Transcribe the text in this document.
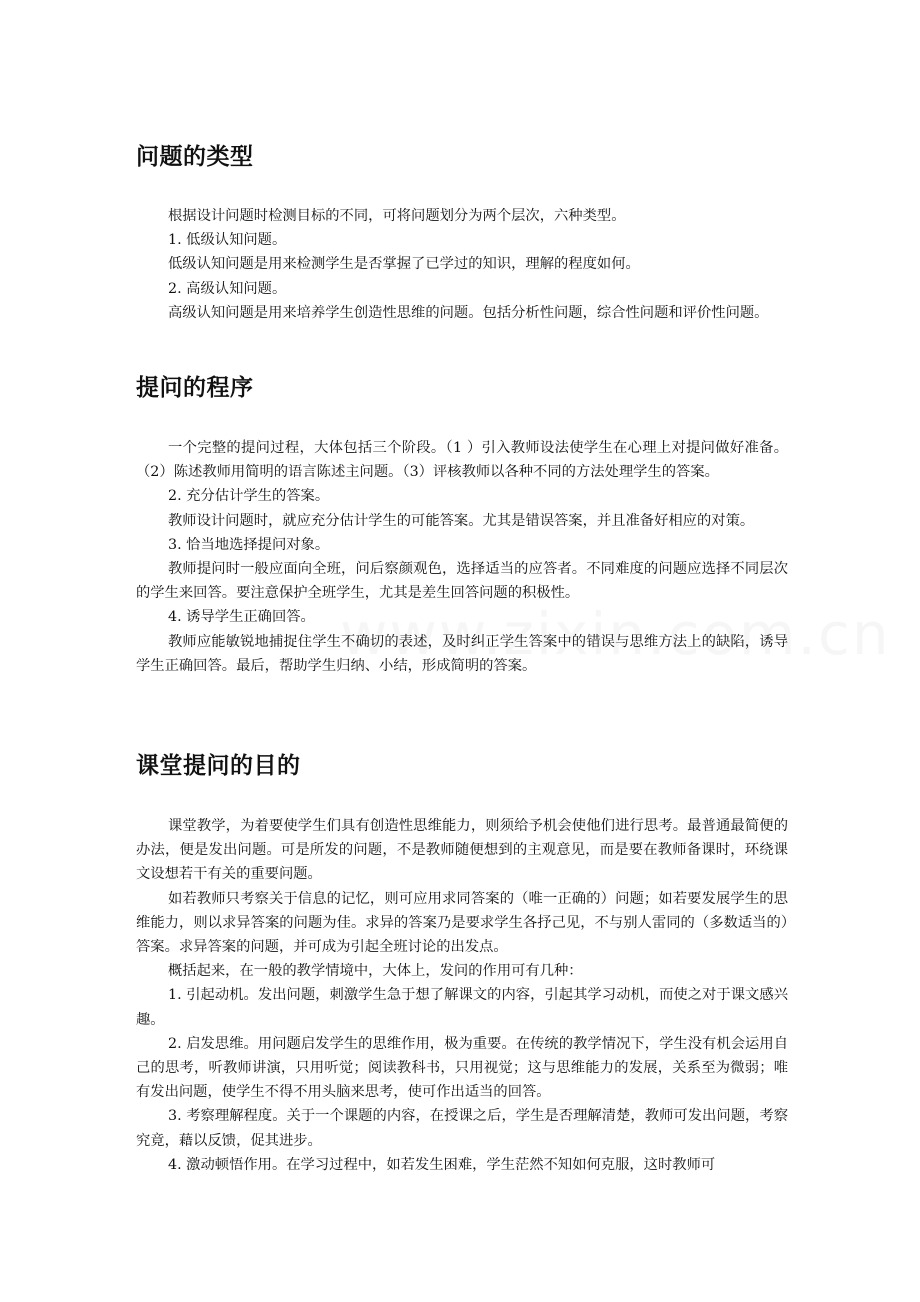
问题的类型

根据设计问题时检测目标的不同，可将问题划分为两个层次，六种类型。

1. 低级认知问题。

低级认知问题是用来检测学生是否掌握了已学过的知识，理解的程度如何。

2. 高级认知问题。

高级认知问题是用来培养学生创造性思维的问题。包括分析性问题，综合性问题和评价性问题。

提问的程序

一个完整的提问过程，大体包括三个阶段。（1 ）引入教师设法使学生在心理上对提问做好准备。（2）陈述教师用简明的语言陈述主问题。（3）评核教师以各种不同的方法处理学生的答案。

2. 充分估计学生的答案。

教师设计问题时，就应充分估计学生的可能答案。尤其是错误答案，并且准备好相应的对策。

3. 恰当地选择提问对象。

教师提问时一般应面向全班，问后察颜观色，选择适当的应答者。不同难度的问题应选择不同层次的学生来回答。要注意保护全班学生，尤其是差生回答问题的积极性。

4. 诱导学生正确回答。

教师应能敏锐地捕捉住学生不确切的表述，及时纠正学生答案中的错误与思维方法上的缺陷，诱导学生正确回答。最后，帮助学生归纳、小结，形成简明的答案。

课堂提问的目的

课堂教学，为着要使学生们具有创造性思维能力，则须给予机会使他们进行思考。最普通最简便的办法，便是发出问题。可是所发的问题，不是教师随便想到的主观意见，而是要在教师备课时，环绕课文设想若干有关的重要问题。

如若教师只考察关于信息的记忆，则可应用求同答案的（唯一正确的）问题；如若要发展学生的思维能力，则以求异答案的问题为佳。求异的答案乃是要求学生各抒己见，不与别人雷同的（多数适当的）答案。求异答案的问题，并可成为引起全班讨论的出发点。

概括起来，在一般的教学情境中，大体上，发问的作用可有几种：

1. 引起动机。发出问题，刺激学生急于想了解课文的内容，引起其学习动机，而使之对于课文感兴趣。

2. 启发思维。用问题启发学生的思维作用，极为重要。在传统的教学情况下，学生没有机会运用自己的思考，听教师讲演，只用听觉；阅读教科书，只用视觉；这与思维能力的发展，关系至为微弱；唯有发出问题，使学生不得不用头脑来思考，使可作出适当的回答。

3. 考察理解程度。关于一个课题的内容，在授课之后，学生是否理解清楚，教师可发出问题，考察究竟，藉以反馈，促其进步。

4. 激动顿悟作用。在学习过程中，如若发生困难，学生茫然不知如何克服，这时教师可
